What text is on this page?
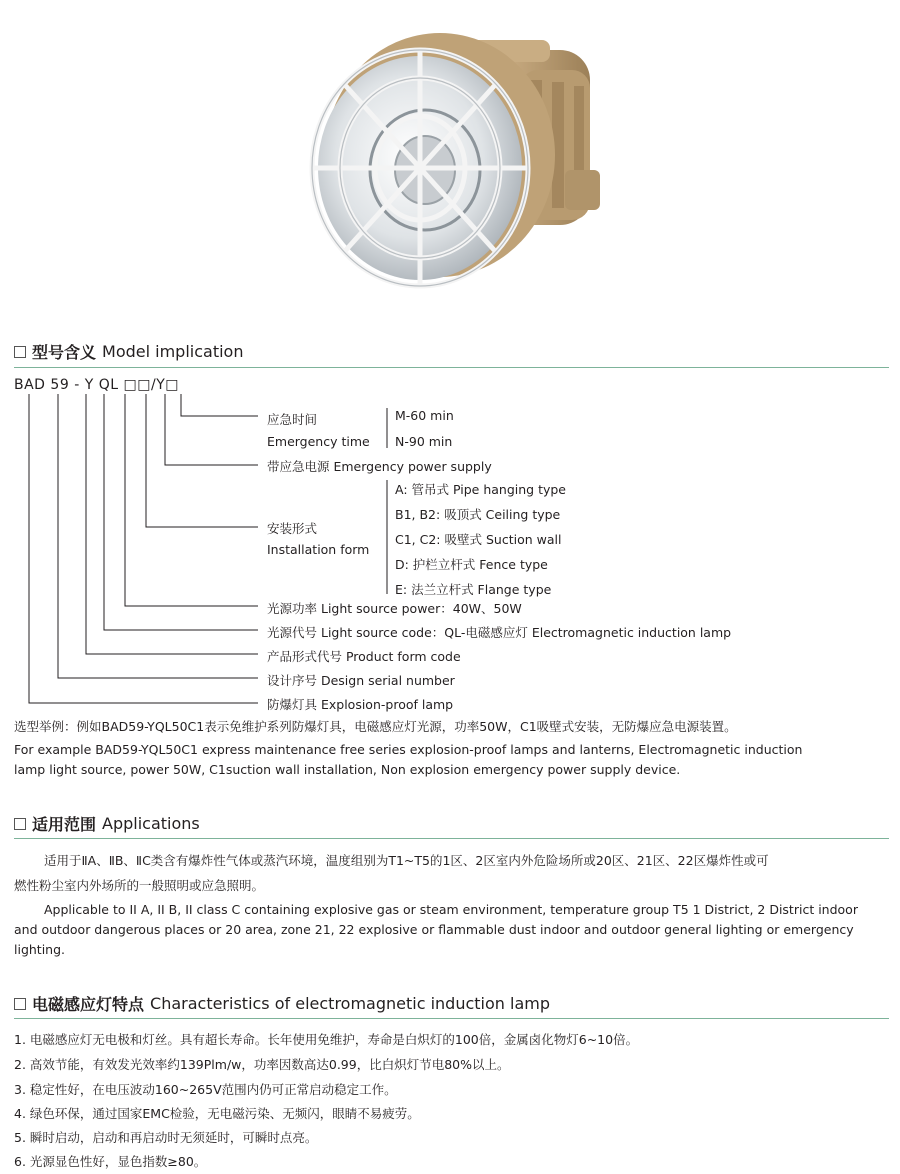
型号含义 Model implication
BAD 59 - Y QL □□/Y□
应急时间
Emergency time
M-60 min
N-90 min
带应急电源 Emergency power supply
安装形式
Installation form
A: 管吊式 Pipe hanging type
B1, B2: 吸顶式 Ceiling type
C1, C2: 吸壁式 Suction wall
D: 护栏立杆式 Fence type
E: 法兰立杆式 Flange type
光源功率 Light source power：40W、50W
光源代号 Light source code：QL-电磁感应灯 Electromagnetic induction lamp
产品形式代号 Product form code
设计序号 Design serial number
防爆灯具 Explosion-proof lamp
选型举例：例如BAD59-YQL50C1表示免维护系列防爆灯具，电磁感应灯光源，功率50W，C1吸壁式安装，无防爆应急电源装置。
For example BAD59-YQL50C1 express maintenance free series explosion-proof lamps and lanterns, Electromagnetic induction
lamp light source, power 50W, C1suction wall installation, Non explosion emergency power supply device.
适用范围 Applications
适用于ⅡA、ⅡB、ⅡC类含有爆炸性气体或蒸汽环境，温度组别为T1~T5的1区、2区室内外危险场所或20区、21区、22区爆炸性或可
燃性粉尘室内外场所的一般照明或应急照明。
Applicable to II A, II B, II class C containing explosive gas or steam environment, temperature group T5 1 District, 2 District indoor
and outdoor dangerous places or 20 area, zone 21, 22 explosive or flammable dust indoor and outdoor general lighting or emergency
lighting.
电磁感应灯特点 Characteristics of electromagnetic induction lamp
1. 电磁感应灯无电极和灯丝。具有超长寿命。长年使用免维护，寿命是白炽灯的100倍，金属卤化物灯6~10倍。
2. 高效节能，有效发光效率约139Plm/w，功率因数高达0.99，比白炽灯节电80%以上。
3. 稳定性好，在电压波动160~265V范围内仍可正常启动稳定工作。
4. 绿色环保，通过国家EMC检验，无电磁污染、无频闪，眼睛不易疲劳。
5. 瞬时启动，启动和再启动时无须延时，可瞬时点亮。
6. 光源显色性好，显色指数≥80。
